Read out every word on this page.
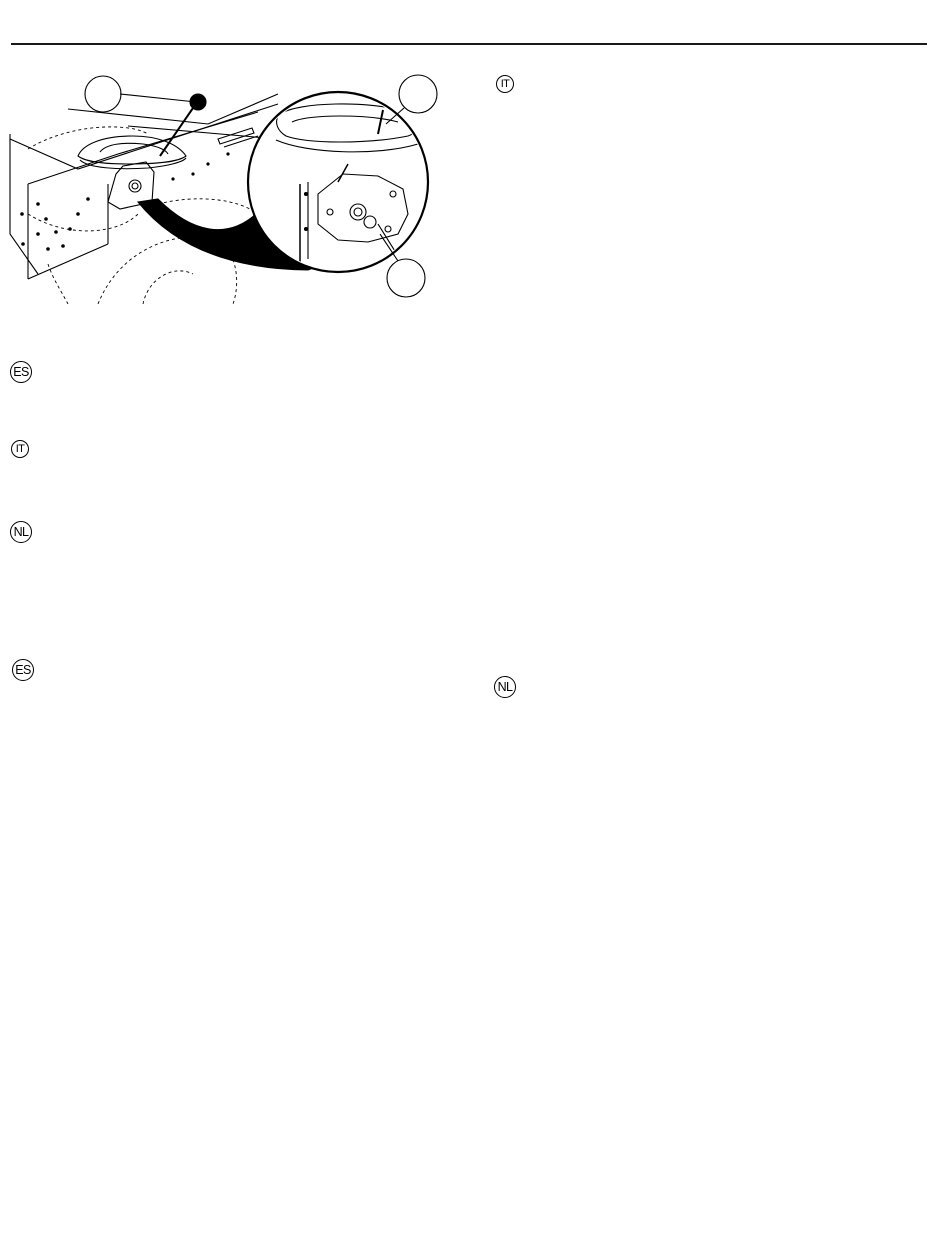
IT
ES
IT
NL
ES
NL
